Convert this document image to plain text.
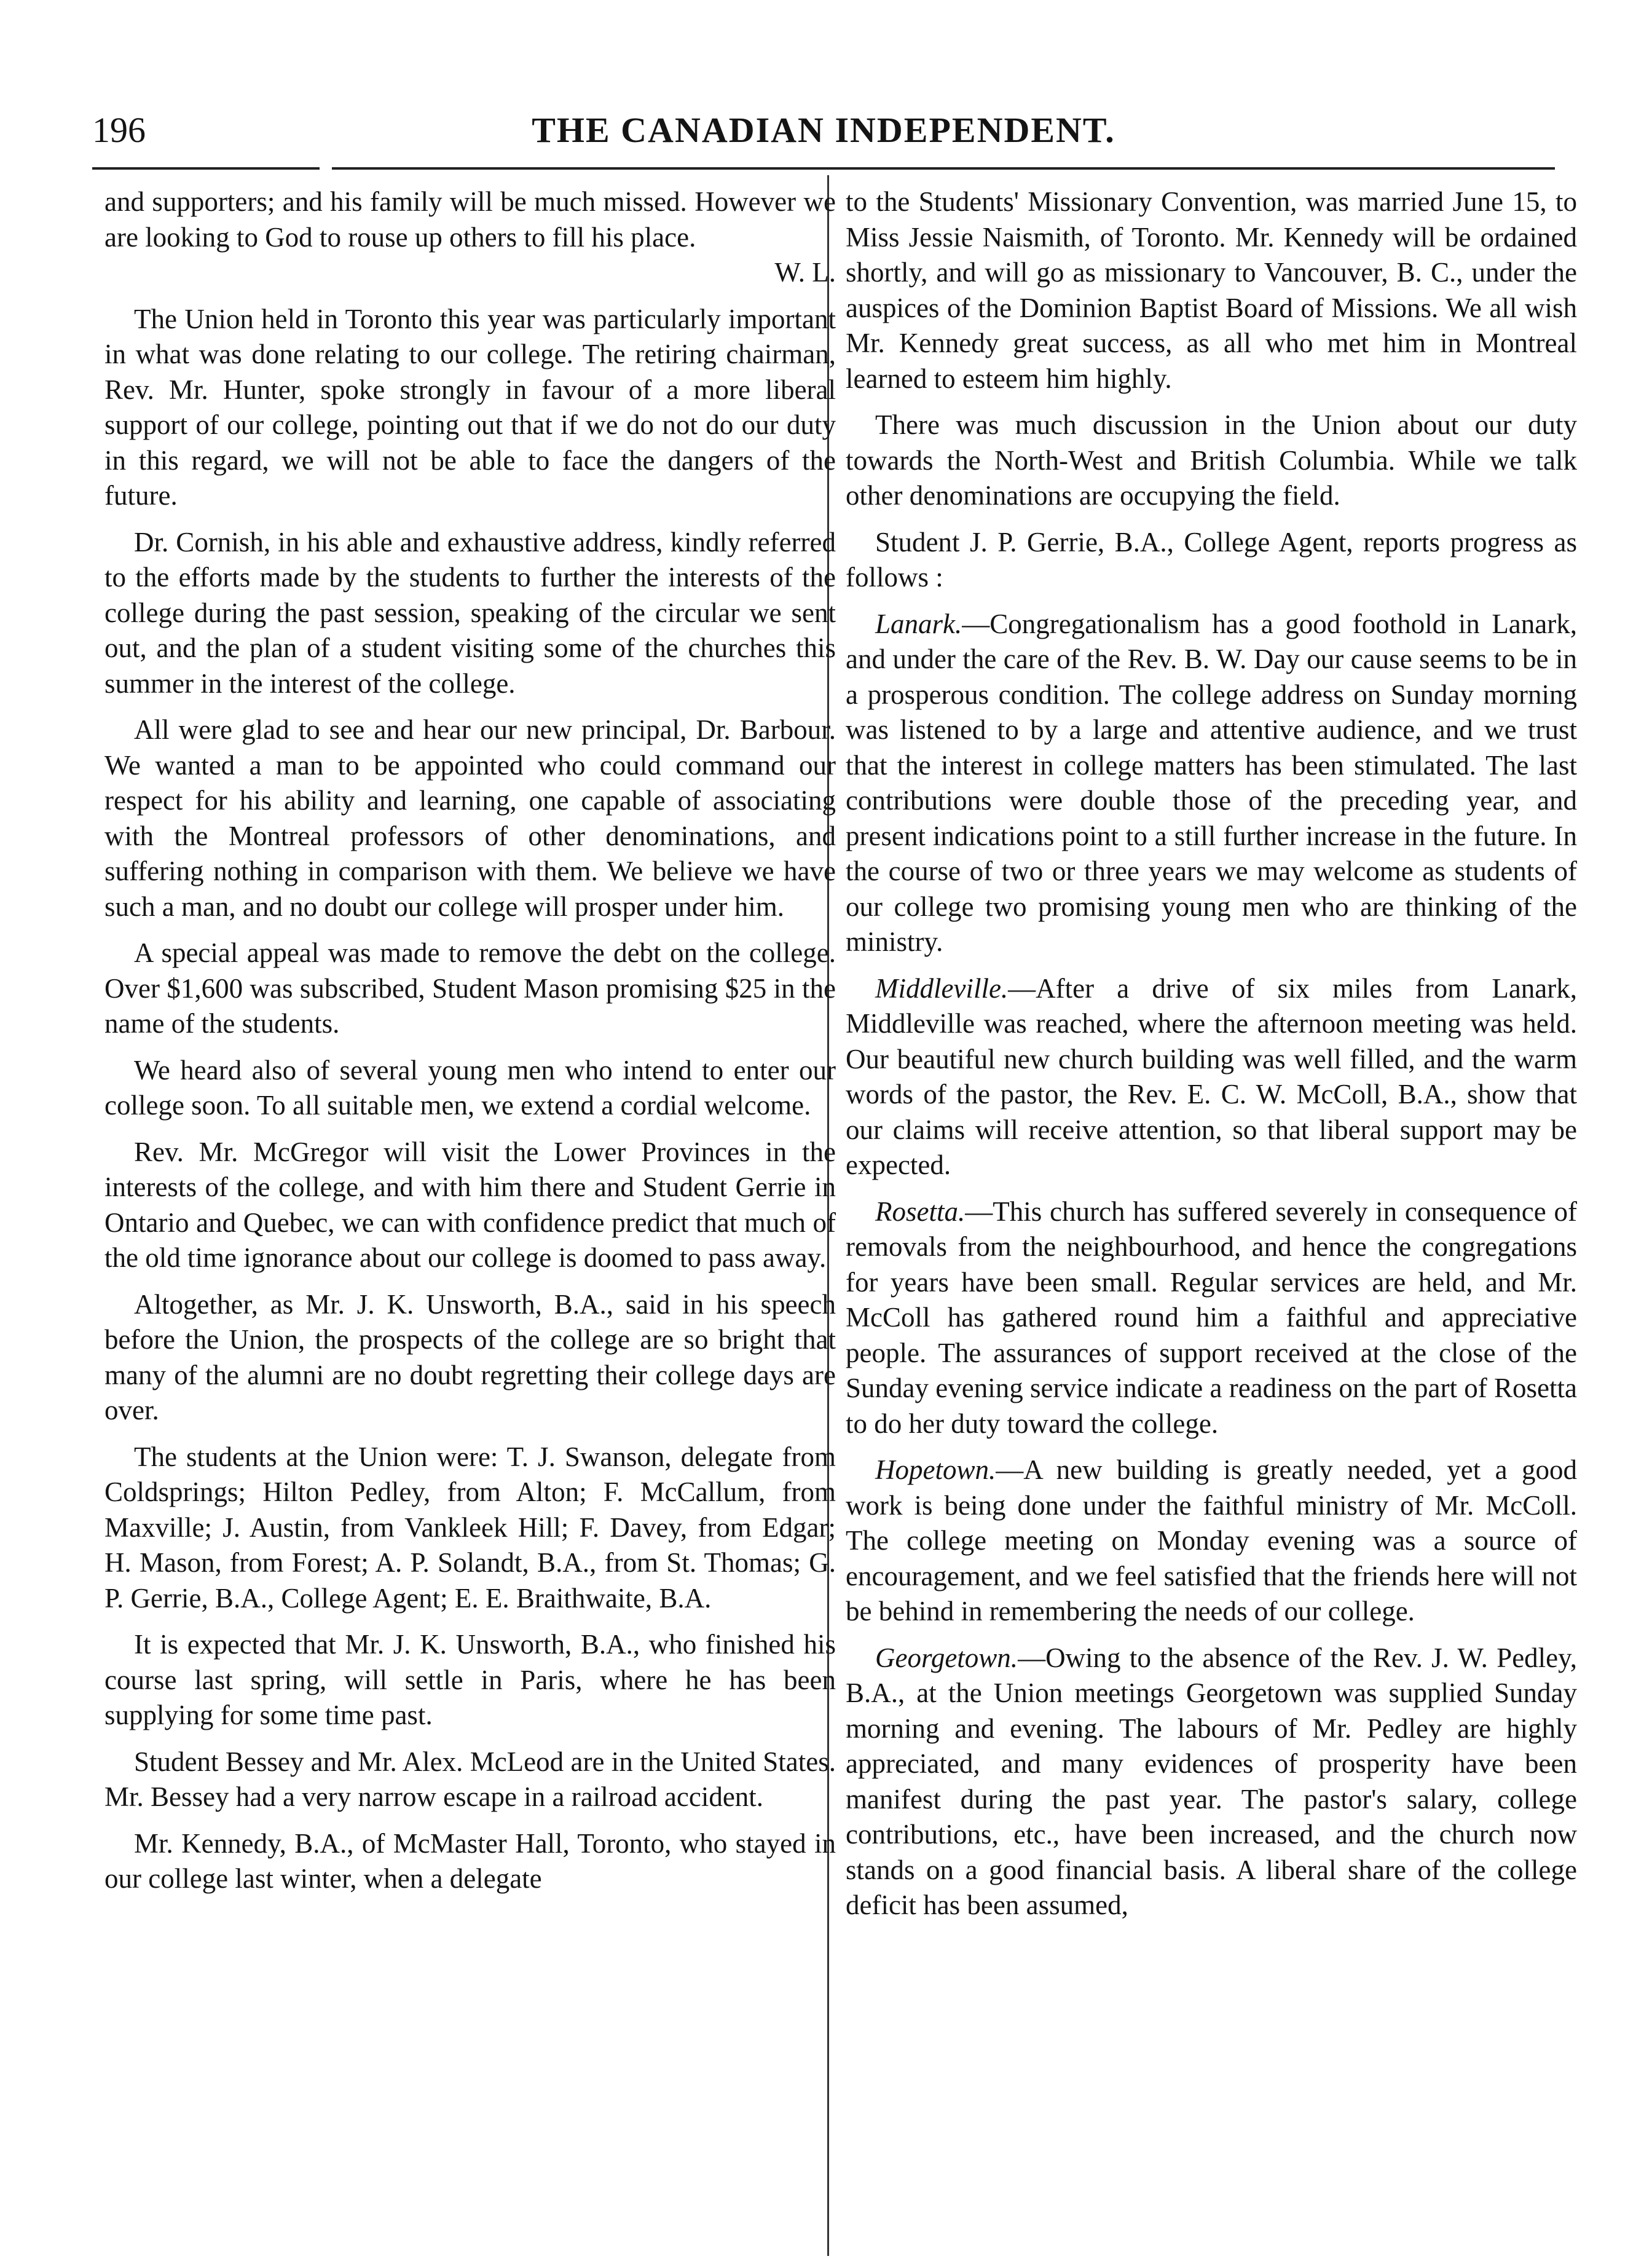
196	THE CANADIAN INDEPENDENT.

and supporters; and his family will be much missed. However we are looking to God to rouse up others to fill his place.

W. L.

The Union held in Toronto this year was particularly important in what was done relating to our college. The retiring chairman, Rev. Mr. Hunter, spoke strongly in favour of a more liberal support of our college, pointing out that if we do not do our duty in this regard, we will not be able to face the dangers of the future.

Dr. Cornish, in his able and exhaustive address, kindly referred to the efforts made by the students to further the interests of the college during the past session, speaking of the circular we sent out, and the plan of a student visiting some of the churches this summer in the interest of the college.

All were glad to see and hear our new principal, Dr. Barbour. We wanted a man to be appointed who could command our respect for his ability and learning, one capable of associating with the Montreal professors of other denominations, and suffering nothing in comparison with them. We believe we have such a man, and no doubt our college will prosper under him.

A special appeal was made to remove the debt on the college. Over $1,600 was subscribed, Student Mason promising $25 in the name of the students.

We heard also of several young men who intend to enter our college soon. To all suitable men, we extend a cordial welcome.

Rev. Mr. McGregor will visit the Lower Provinces in the interests of the college, and with him there and Student Gerrie in Ontario and Quebec, we can with confidence predict that much of the old time ignorance about our college is doomed to pass away.

Altogether, as Mr. J. K. Unsworth, B.A., said in his speech before the Union, the prospects of the college are so bright that many of the alumni are no doubt regretting their college days are over.

The students at the Union were: T. J. Swanson, delegate from Coldsprings; Hilton Pedley, from Alton; F. McCallum, from Maxville; J. Austin, from Vankleek Hill; F. Davey, from Edgar; H. Mason, from Forest; A. P. Solandt, B.A., from St. Thomas; G. P. Gerrie, B.A., College Agent; E. E. Braithwaite, B.A.

It is expected that Mr. J. K. Unsworth, B.A., who finished his course last spring, will settle in Paris, where he has been supplying for some time past.

Student Bessey and Mr. Alex. McLeod are in the United States. Mr. Bessey had a very narrow escape in a railroad accident.

Mr. Kennedy, B.A., of McMaster Hall, Toronto, who stayed in our college last winter, when a delegate

to the Students' Missionary Convention, was married June 15, to Miss Jessie Naismith, of Toronto. Mr. Kennedy will be ordained shortly, and will go as missionary to Vancouver, B. C., under the auspices of the Dominion Baptist Board of Missions. We all wish Mr. Kennedy great success, as all who met him in Montreal learned to esteem him highly.

There was much discussion in the Union about our duty towards the North-West and British Columbia. While we talk other denominations are occupying the field.

Student J. P. Gerrie, B.A., College Agent, reports progress as follows :

Lanark.—Congregationalism has a good foothold in Lanark, and under the care of the Rev. B. W. Day our cause seems to be in a prosperous condition. The college address on Sunday morning was listened to by a large and attentive audience, and we trust that the interest in college matters has been stimulated. The last contributions were double those of the preceding year, and present indications point to a still further increase in the future. In the course of two or three years we may welcome as students of our college two promising young men who are thinking of the ministry.

Middleville.—After a drive of six miles from Lanark, Middleville was reached, where the afternoon meeting was held. Our beautiful new church building was well filled, and the warm words of the pastor, the Rev. E. C. W. McColl, B.A., show that our claims will receive attention, so that liberal support may be expected.

Rosetta.—This church has suffered severely in consequence of removals from the neighbourhood, and hence the congregations for years have been small. Regular services are held, and Mr. McColl has gathered round him a faithful and appreciative people. The assurances of support received at the close of the Sunday evening service indicate a readiness on the part of Rosetta to do her duty toward the college.

Hopetown.—A new building is greatly needed, yet a good work is being done under the faithful ministry of Mr. McColl. The college meeting on Monday evening was a source of encouragement, and we feel satisfied that the friends here will not be behind in remembering the needs of our college.

Georgetown.—Owing to the absence of the Rev. J. W. Pedley, B.A., at the Union meetings Georgetown was supplied Sunday morning and evening. The labours of Mr. Pedley are highly appreciated, and many evidences of prosperity have been manifest during the past year. The pastor's salary, college contributions, etc., have been increased, and the church now stands on a good financial basis. A liberal share of the college deficit has been assumed,
